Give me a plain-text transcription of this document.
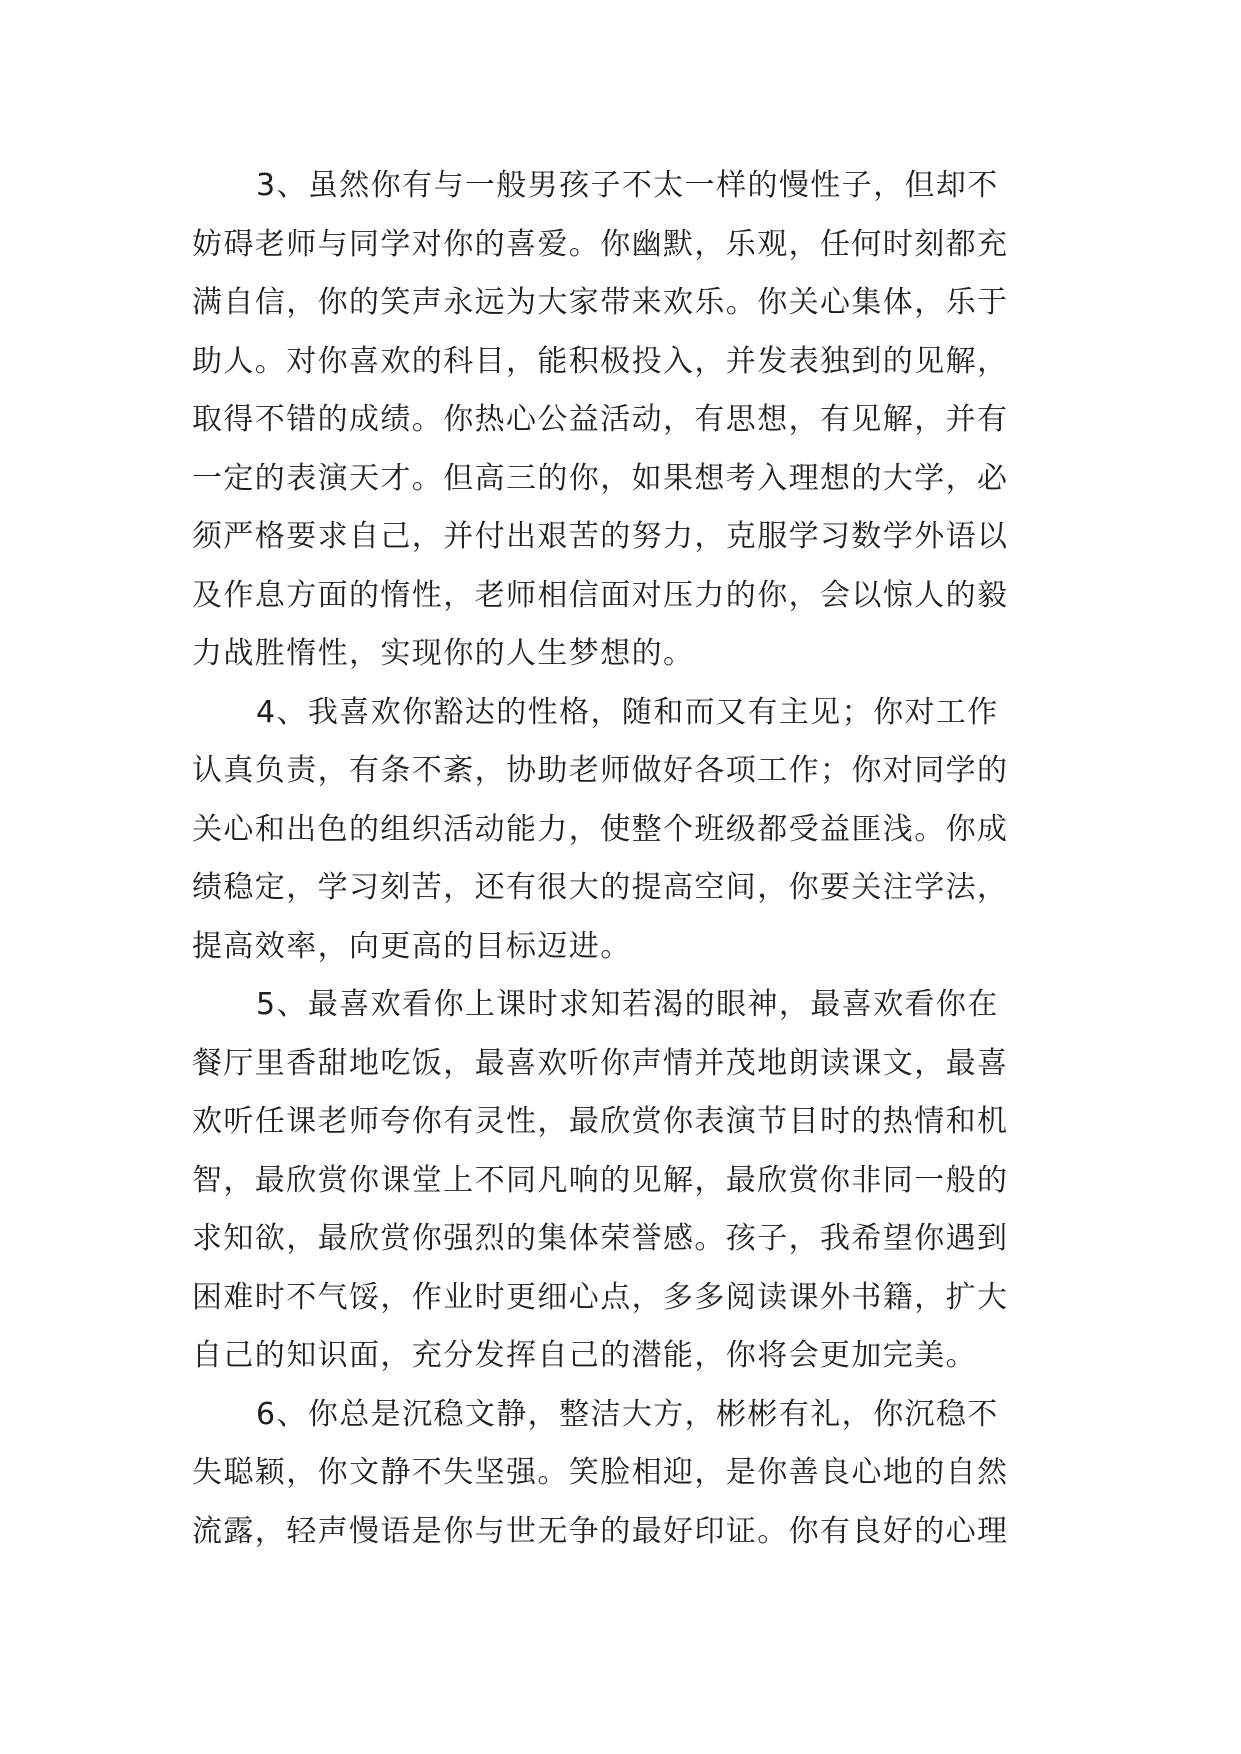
3、虽然你有与一般男孩子不太一样的慢性子，但却不
妨碍老师与同学对你的喜爱。你幽默，乐观，任何时刻都充
满自信，你的笑声永远为大家带来欢乐。你关心集体，乐于
助人。对你喜欢的科目，能积极投入，并发表独到的见解，
取得不错的成绩。你热心公益活动，有思想，有见解，并有
一定的表演天才。但高三的你，如果想考入理想的大学，必
须严格要求自己，并付出艰苦的努力，克服学习数学外语以
及作息方面的惰性，老师相信面对压力的你，会以惊人的毅
力战胜惰性，实现你的人生梦想的。
4、我喜欢你豁达的性格，随和而又有主见；你对工作
认真负责，有条不紊，协助老师做好各项工作；你对同学的
关心和出色的组织活动能力，使整个班级都受益匪浅。你成
绩稳定，学习刻苦，还有很大的提高空间，你要关注学法，
提高效率，向更高的目标迈进。
5、最喜欢看你上课时求知若渴的眼神，最喜欢看你在
餐厅里香甜地吃饭，最喜欢听你声情并茂地朗读课文，最喜
欢听任课老师夸你有灵性，最欣赏你表演节目时的热情和机
智，最欣赏你课堂上不同凡响的见解，最欣赏你非同一般的
求知欲，最欣赏你强烈的集体荣誉感。孩子，我希望你遇到
困难时不气馁，作业时更细心点，多多阅读课外书籍，扩大
自己的知识面，充分发挥自己的潜能，你将会更加完美。
6、你总是沉稳文静，整洁大方，彬彬有礼，你沉稳不
失聪颖，你文静不失坚强。笑脸相迎，是你善良心地的自然
流露，轻声慢语是你与世无争的最好印证。你有良好的心理
